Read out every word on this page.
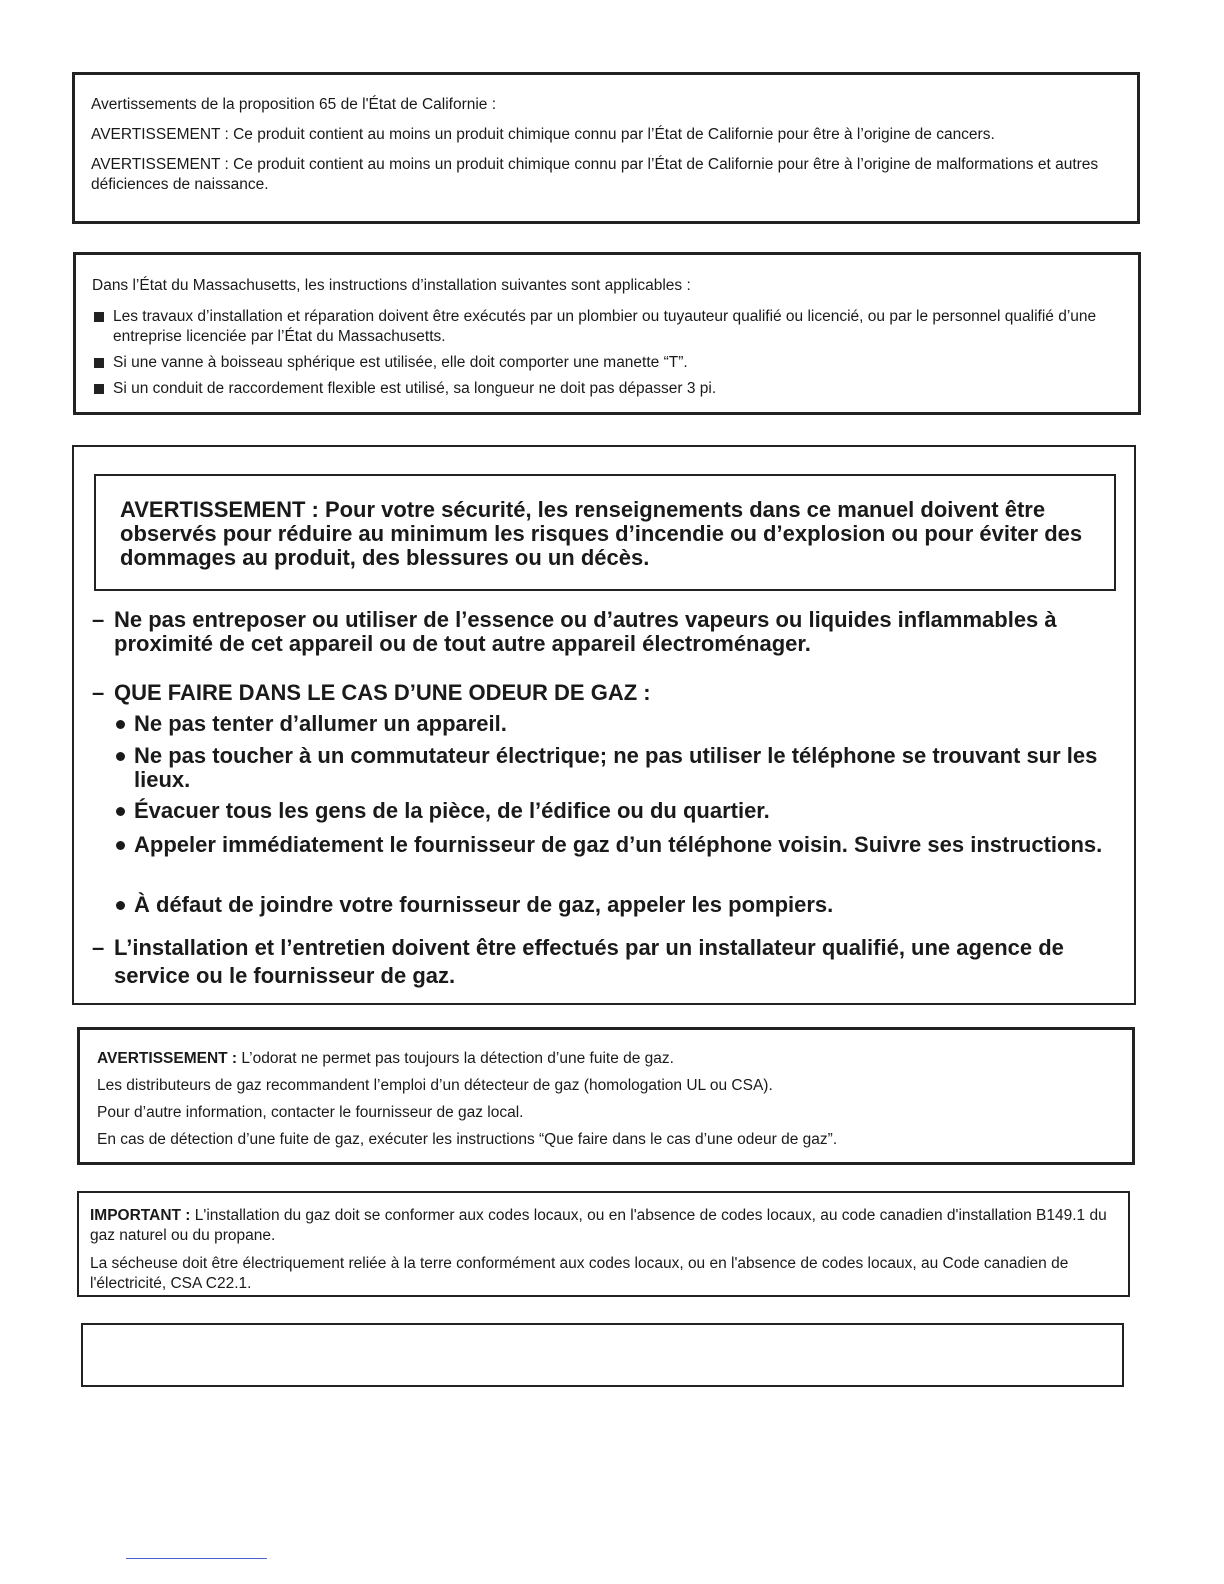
Avertissements de la proposition 65 de l'État de Californie :

AVERTISSEMENT : Ce produit contient au moins un produit chimique connu par l’État de Californie pour être à l’origine de cancers.

AVERTISSEMENT : Ce produit contient au moins un produit chimique connu par l’État de Californie pour être à l’origine de malformations et autres déficiences de naissance.

Dans l’État du Massachusetts, les instructions d’installation suivantes sont applicables :

Les travaux d’installation et réparation doivent être exécutés par un plombier ou tuyauteur qualifié ou licencié, ou par le personnel qualifié d’une entreprise licenciée par l’État du Massachusetts.
Si une vanne à boisseau sphérique est utilisée, elle doit comporter une manette “T”.
Si un conduit de raccordement flexible est utilisé, sa longueur ne doit pas dépasser 3 pi.
AVERTISSEMENT : Pour votre sécurité, les renseignements dans ce manuel doivent être observés pour réduire au minimum les risques d’incendie ou d’explosion ou pour éviter des dommages au produit, des blessures ou un décès.
– Ne pas entreposer ou utiliser de l’essence ou d’autres vapeurs ou liquides inflammables à proximité de cet appareil ou de tout autre appareil électroménager.
– QUE FAIRE DANS LE CAS D’UNE ODEUR DE GAZ :
Ne pas tenter d’allumer un appareil.
Ne pas toucher à un commutateur électrique; ne pas utiliser le téléphone se trouvant sur les lieux.
Évacuer tous les gens de la pièce, de l’édifice ou du quartier.
Appeler immédiatement le fournisseur de gaz d’un téléphone voisin. Suivre ses instructions.
À défaut de joindre votre fournisseur de gaz, appeler les pompiers.
– L’installation et l’entretien doivent être effectués par un installateur qualifié, une agence de service ou le fournisseur de gaz.

AVERTISSEMENT : L’odorat ne permet pas toujours la détection d’une fuite de gaz.

Les distributeurs de gaz recommandent l’emploi d’un détecteur de gaz (homologation UL ou CSA).

Pour d’autre information, contacter le fournisseur de gaz local.

En cas de détection d’une fuite de gaz, exécuter les instructions “Que faire dans le cas d’une odeur de gaz”.

IMPORTANT : L'installation du gaz doit se conformer aux codes locaux, ou en l'absence de codes locaux, au code canadien d'installation B149.1 du gaz naturel ou du propane.

La sécheuse doit être électriquement reliée à la terre conformément aux codes locaux, ou en l'absence de codes locaux, au Code canadien de l'électricité, CSA C22.1.
